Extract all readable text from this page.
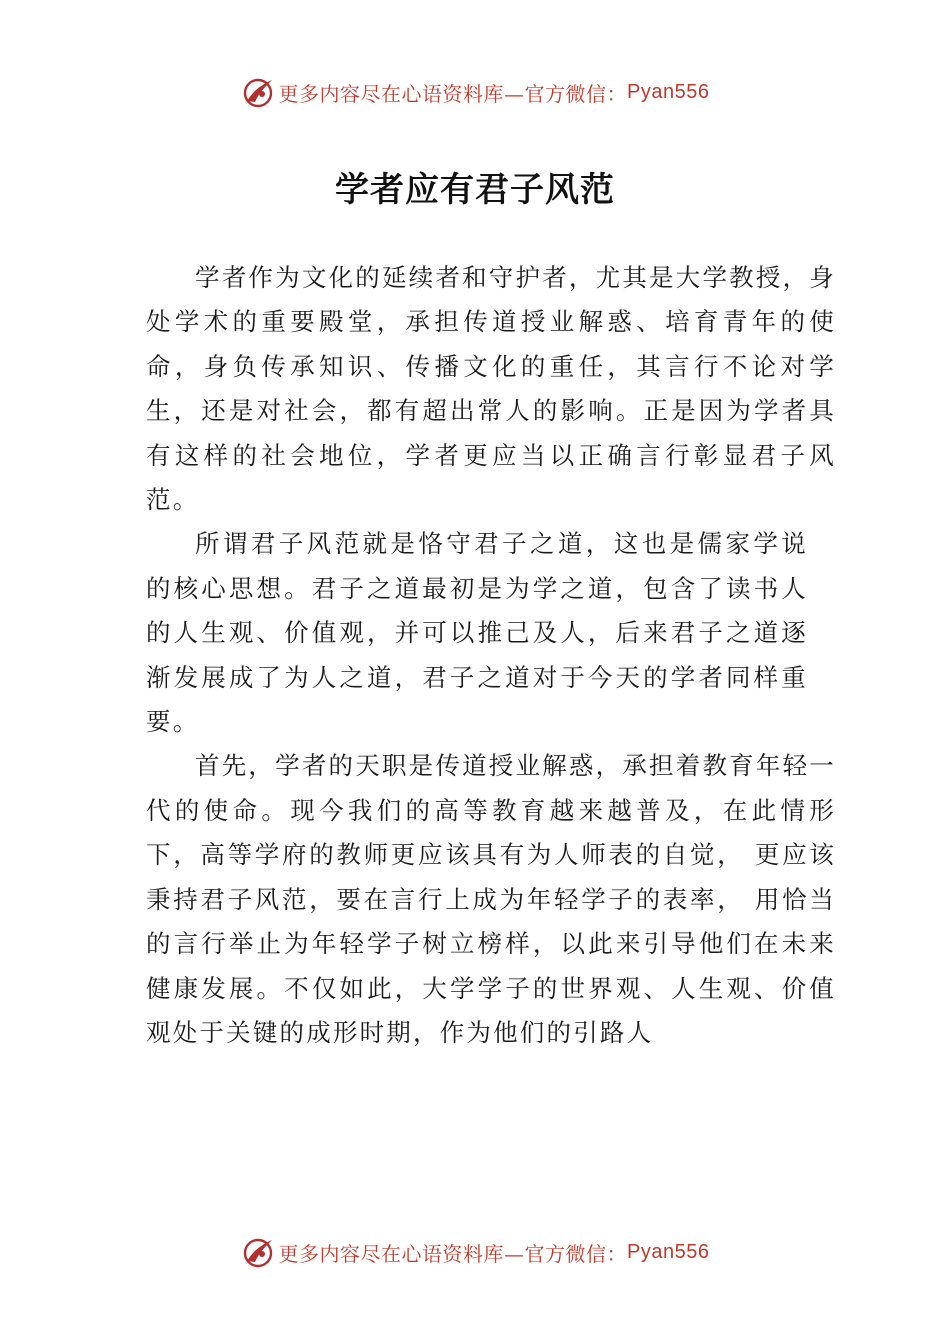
更多内容尽在心语资料库—官方微信： Pyan556
学者应有君子风范

学者作为文化的延续者和守护者，尤其是大学教授，身处学术的重要殿堂，承担传道授业解惑、培育青年的使命，身负传承知识、传播文化的重任，其言行不论对学生，还是对社会，都有超出常人的影响。正是因为学者具有这样的社会地位，学者更应当以正确言行彰显君子风范。

所谓君子风范就是恪守君子之道，这也是儒家学说的核心思想。君子之道最初是为学之道，包含了读书人的人生观、价值观，并可以推己及人，后来君子之道逐渐发展成了为人之道，君子之道对于今天的学者同样重要。

首先，学者的天职是传道授业解惑，承担着教育年轻一代的使命。现今我们的高等教育越来越普及，在此情形下，高等学府的教师更应该具有为人师表的自觉， 更应该秉持君子风范，要在言行上成为年轻学子的表率， 用恰当的言行举止为年轻学子树立榜样，以此来引导他们在未来健康发展。不仅如此，大学学子的世界观、人生观、价值观处于关键的成形时期，作为他们的引路人

更多内容尽在心语资料库—官方微信： Pyan556
